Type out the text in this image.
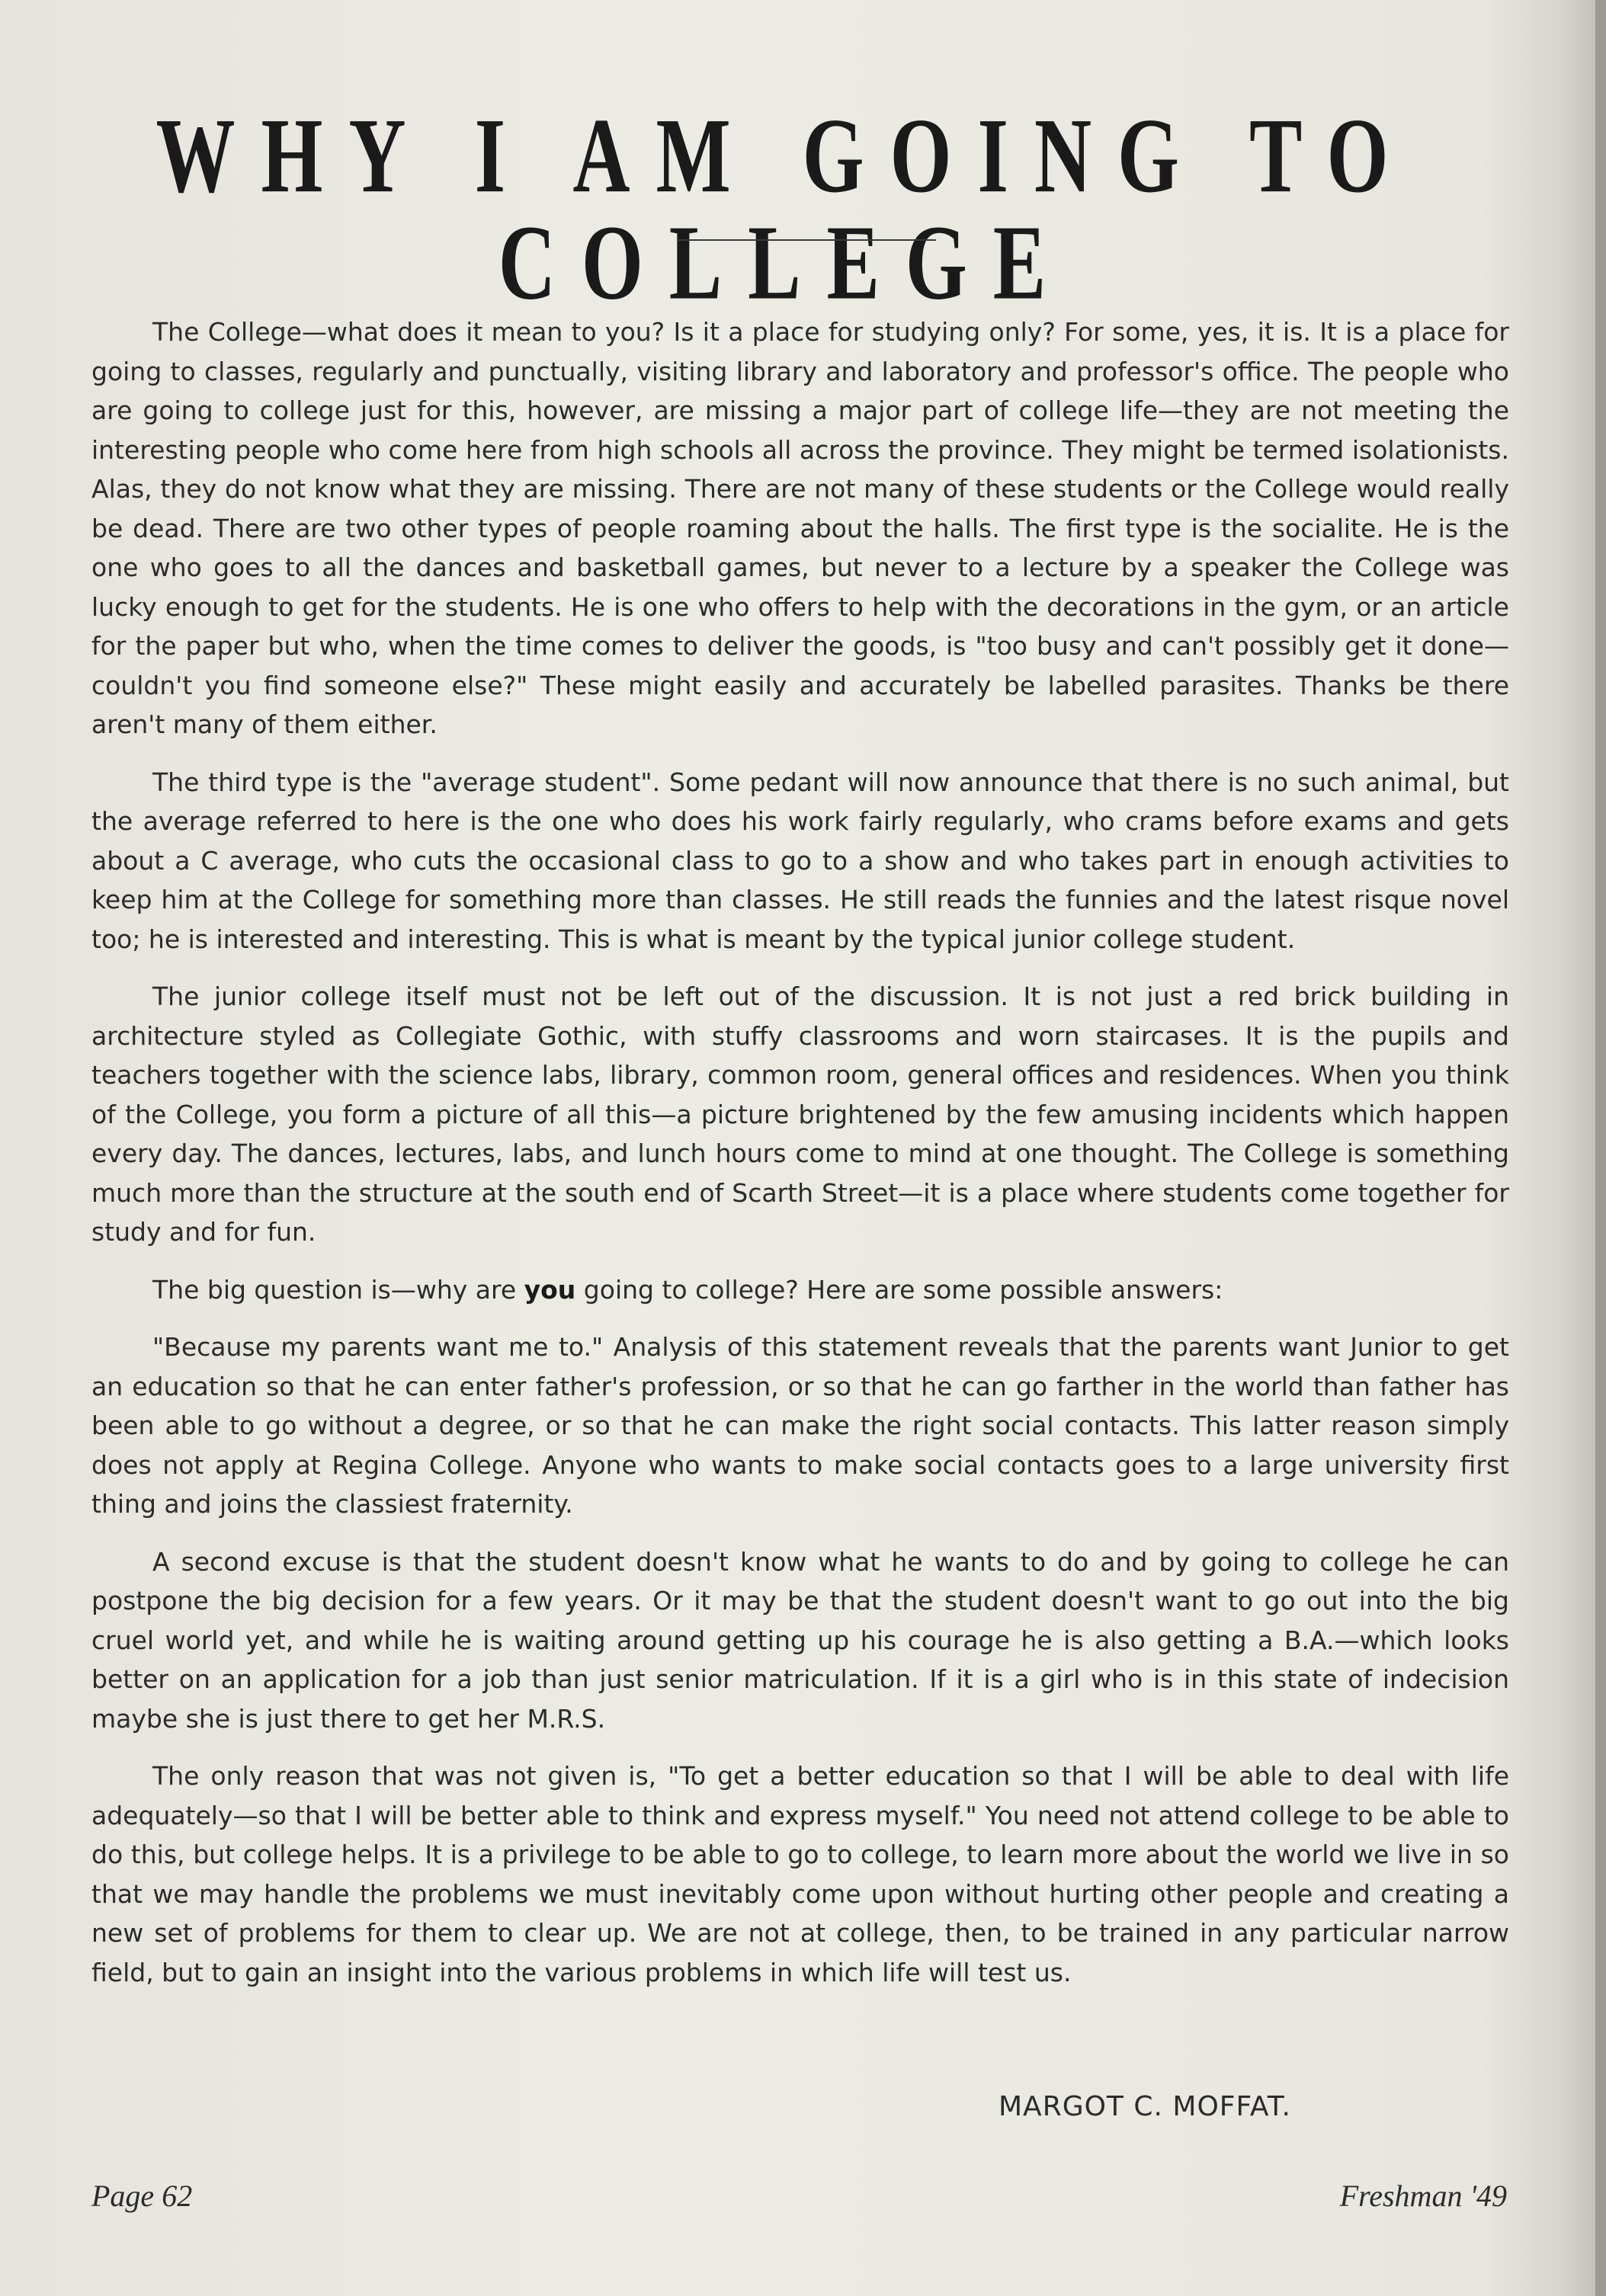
WHY I AM GOING TO COLLEGE

The College—what does it mean to you? Is it a place for studying only? For some, yes, it is. It is a place for going to classes, regularly and punctually, visiting library and laboratory and professor's office. The people who are going to college just for this, however, are missing a major part of college life—they are not meeting the interesting people who come here from high schools all across the province. They might be termed isolationists. Alas, they do not know what they are missing. There are not many of these students or the College would really be dead. There are two other types of people roaming about the halls. The first type is the socialite. He is the one who goes to all the dances and basketball games, but never to a lecture by a speaker the College was lucky enough to get for the students. He is one who offers to help with the decorations in the gym, or an article for the paper but who, when the time comes to deliver the goods, is "too busy and can't possibly get it done—couldn't you find someone else?" These might easily and accurately be labelled parasites. Thanks be there aren't many of them either.

The third type is the "average student". Some pedant will now announce that there is no such animal, but the average referred to here is the one who does his work fairly regularly, who crams before exams and gets about a C average, who cuts the occasional class to go to a show and who takes part in enough activities to keep him at the College for something more than classes. He still reads the funnies and the latest risque novel too; he is interested and interesting. This is what is meant by the typical junior college student.

The junior college itself must not be left out of the discussion. It is not just a red brick building in architecture styled as Collegiate Gothic, with stuffy classrooms and worn staircases. It is the pupils and teachers together with the science labs, library, common room, general offices and residences. When you think of the College, you form a picture of all this—a picture brightened by the few amusing incidents which happen every day. The dances, lectures, labs, and lunch hours come to mind at one thought. The College is something much more than the structure at the south end of Scarth Street—it is a place where students come together for study and for fun.

The big question is—why are you going to college? Here are some possible answers:

"Because my parents want me to." Analysis of this statement reveals that the parents want Junior to get an education so that he can enter father's profession, or so that he can go farther in the world than father has been able to go without a degree, or so that he can make the right social contacts. This latter reason simply does not apply at Regina College. Anyone who wants to make social contacts goes to a large university first thing and joins the classiest fraternity.

A second excuse is that the student doesn't know what he wants to do and by going to college he can postpone the big decision for a few years. Or it may be that the student doesn't want to go out into the big cruel world yet, and while he is waiting around getting up his courage he is also getting a B.A.—which looks better on an application for a job than just senior matriculation. If it is a girl who is in this state of indecision maybe she is just there to get her M.R.S.

The only reason that was not given is, "To get a better education so that I will be able to deal with life adequately—so that I will be better able to think and express myself." You need not attend college to be able to do this, but college helps. It is a privilege to be able to go to college, to learn more about the world we live in so that we may handle the problems we must inevitably come upon without hurting other people and creating a new set of problems for them to clear up. We are not at college, then, to be trained in any particular narrow field, but to gain an insight into the various problems in which life will test us.

MARGOT C. MOFFAT.
Page 62	Freshman '49
